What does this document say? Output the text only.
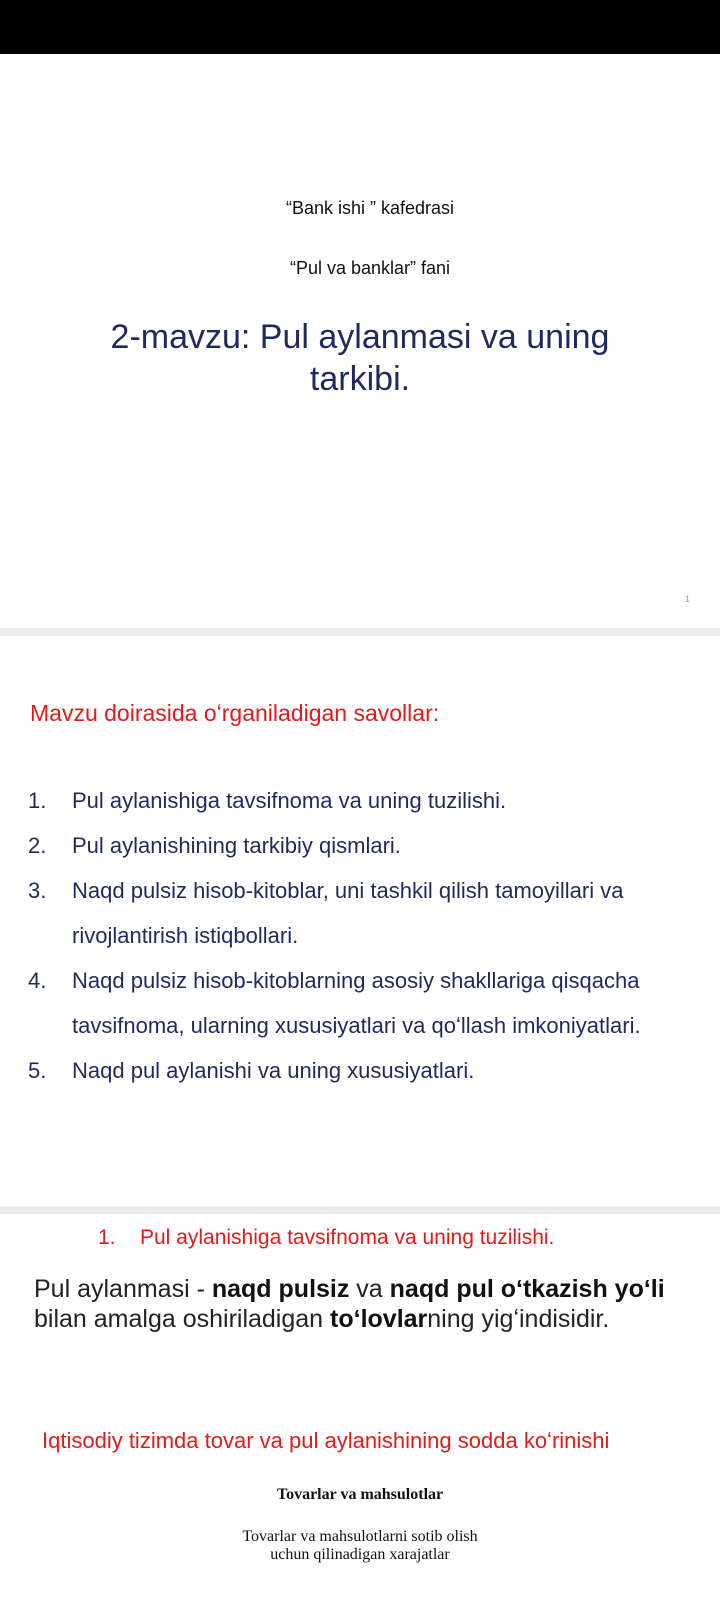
“Bank ishi ” kafedrasi
“Pul va banklar” fani
2-mavzu: Pul aylanmasi va uning
tarkibi.
1
Mavzu doirasida oʻrganiladigan savollar:
1.	Pul aylanishiga tavsifnoma va uning tuzilishi.
2.	Pul aylanishining tarkibiy qismlari.
3.	Naqd pulsiz hisob-kitoblar, uni tashkil qilish tamoyillari va rivojlantirish istiqbollari.
4.	Naqd pulsiz hisob-kitoblarning asosiy shakllariga qisqacha tavsifnoma, ularning xususiyatlari va qoʻllash imkoniyatlari.
5.	Naqd pul aylanishi va uning xususiyatlari.
1. Pul aylanishiga tavsifnoma va uning tuzilishi.

Pul aylanmasi - naqd pulsiz va naqd pul oʻtkazish yoʻli bilan amalga oshiriladigan toʻlovlarning yigʻindisidir.

Iqtisodiy tizimda tovar va pul aylanishining sodda koʻrinishi
Tovarlar va mahsulotlar
Tovarlar va mahsulotlarni sotib olish
uchun qilinadigan xarajatlar
